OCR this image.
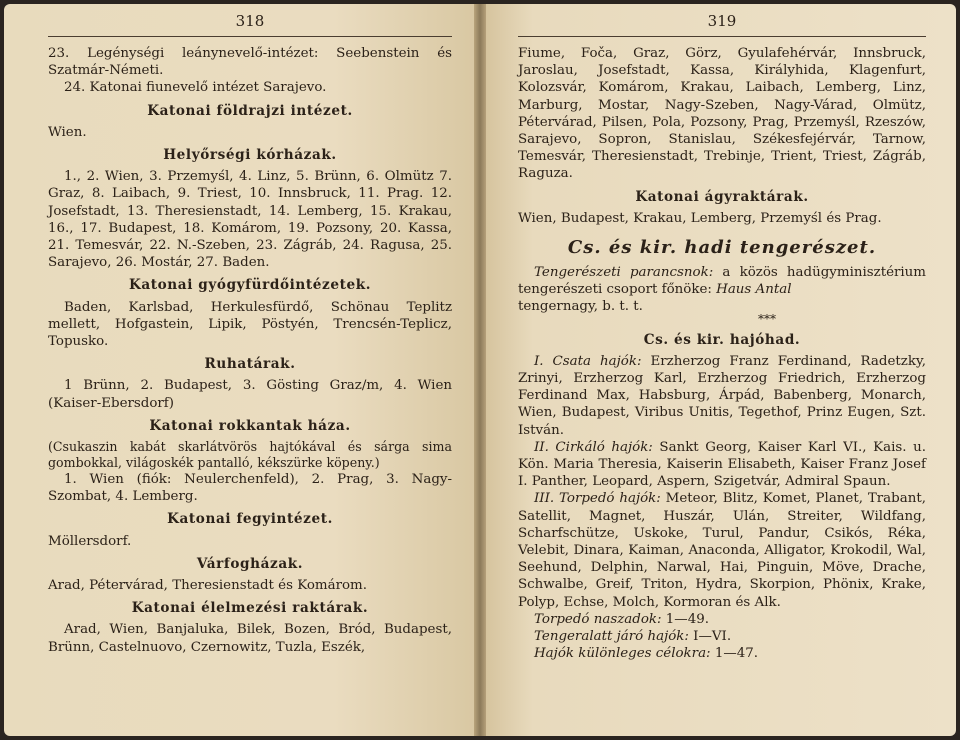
318

23. Legénységi leánynevelő-intézet: Seebenstein és Szatmár-Németi.

24. Katonai fiunevelő intézet Sarajevo.

Katonai földrajzi intézet.

Wien.

Helyőrségi kórházak.

1., 2. Wien, 3. Przemyśl, 4. Linz, 5. Brünn, 6. Olmütz 7. Graz, 8. Laibach, 9. Triest, 10. Innsbruck, 11. Prag. 12. Josefstadt, 13. Theresienstadt, 14. Lemberg, 15. Krakau, 16., 17. Budapest, 18. Komárom, 19. Pozsony, 20. Kassa, 21. Temesvár, 22. N.-Szeben, 23. Zágráb, 24. Ragusa, 25. Sarajevo, 26. Mostár, 27. Baden.

Katonai gyógyfürdőintézetek.

Baden, Karlsbad, Herkulesfürdő, Schönau Teplitz mellett, Hofgastein, Lipik, Pöstyén, Trencsén-Teplicz, Topusko.

Ruhatárak.

1 Brünn, 2. Budapest, 3. Gösting Graz/m, 4. Wien (Kaiser-Ebersdorf)

Katonai rokkantak háza.

(Csukaszin kabát skarlátvörös hajtókával és sárga sima gombokkal, világoskék pantalló, kékszürke köpeny.)

1. Wien (fiók: Neulerchenfeld), 2. Prag, 3. Nagy-Szombat, 4. Lemberg.

Katonai fegyintézet.

Möllersdorf.

Várfogházak.

Arad, Pétervárad, Theresienstadt és Komárom.

Katonai élelmezési raktárak.

Arad, Wien, Banjaluka, Bilek, Bozen, Bród, Budapest, Brünn, Castelnuovo, Czernowitz, Tuzla, Eszék,

319

Fiume, Foča, Graz, Görz, Gyulafehérvár, Innsbruck, Jaroslau, Josefstadt, Kassa, Királyhida, Klagenfurt, Kolozsvár, Komárom, Krakau, Laibach, Lemberg, Linz, Marburg, Mostar, Nagy-Szeben, Nagy-Várad, Olmütz, Pétervárad, Pilsen, Pola, Pozsony, Prag, Przemyśl, Rzeszów, Sarajevo, Sopron, Stanislau, Székesfejérvár, Tarnow, Temesvár, Theresienstadt, Trebinje, Trient, Triest, Zágráb, Raguza.

Katonai ágyraktárak.

Wien, Budapest, Krakau, Lemberg, Przemyśl és Prag.

Cs. és kir. hadi tengerészet.

Tengerészeti parancsnok: a közös hadügyminisztérium tengerészeti csoport főnöke: Haus Antal

tengernagy, b. t. t.

***
Cs. és kir. hajóhad.

I. Csata hajók: Erzherzog Franz Ferdinand, Radetzky, Zrinyi, Erzherzog Karl, Erzherzog Friedrich, Erzherzog Ferdinand Max, Habsburg, Árpád, Babenberg, Monarch, Wien, Budapest, Viribus Unitis, Tegethof, Prinz Eugen, Szt. István.

II. Cirkáló hajók: Sankt Georg, Kaiser Karl VI., Kais. u. Kön. Maria Theresia, Kaiserin Elisabeth, Kaiser Franz Josef I. Panther, Leopard, Aspern, Szigetvár, Admiral Spaun.

III. Torpedó hajók: Meteor, Blitz, Komet, Planet, Trabant, Satellit, Magnet, Huszár, Ulán, Streiter, Wildfang, Scharfschütze, Uskoke, Turul, Pandur, Csikós, Réka, Velebit, Dinara, Kaiman, Anaconda, Alligator, Krokodil, Wal, Seehund, Delphin, Narwal, Hai, Pinguin, Möve, Drache, Schwalbe, Greif, Triton, Hydra, Skorpion, Phönix, Krake, Polyp, Echse, Molch, Kormoran és Alk.

Torpedó naszadok: 1—49.

Tengeralatt járó hajók: I—VI.

Hajók különleges célokra: 1—47.
